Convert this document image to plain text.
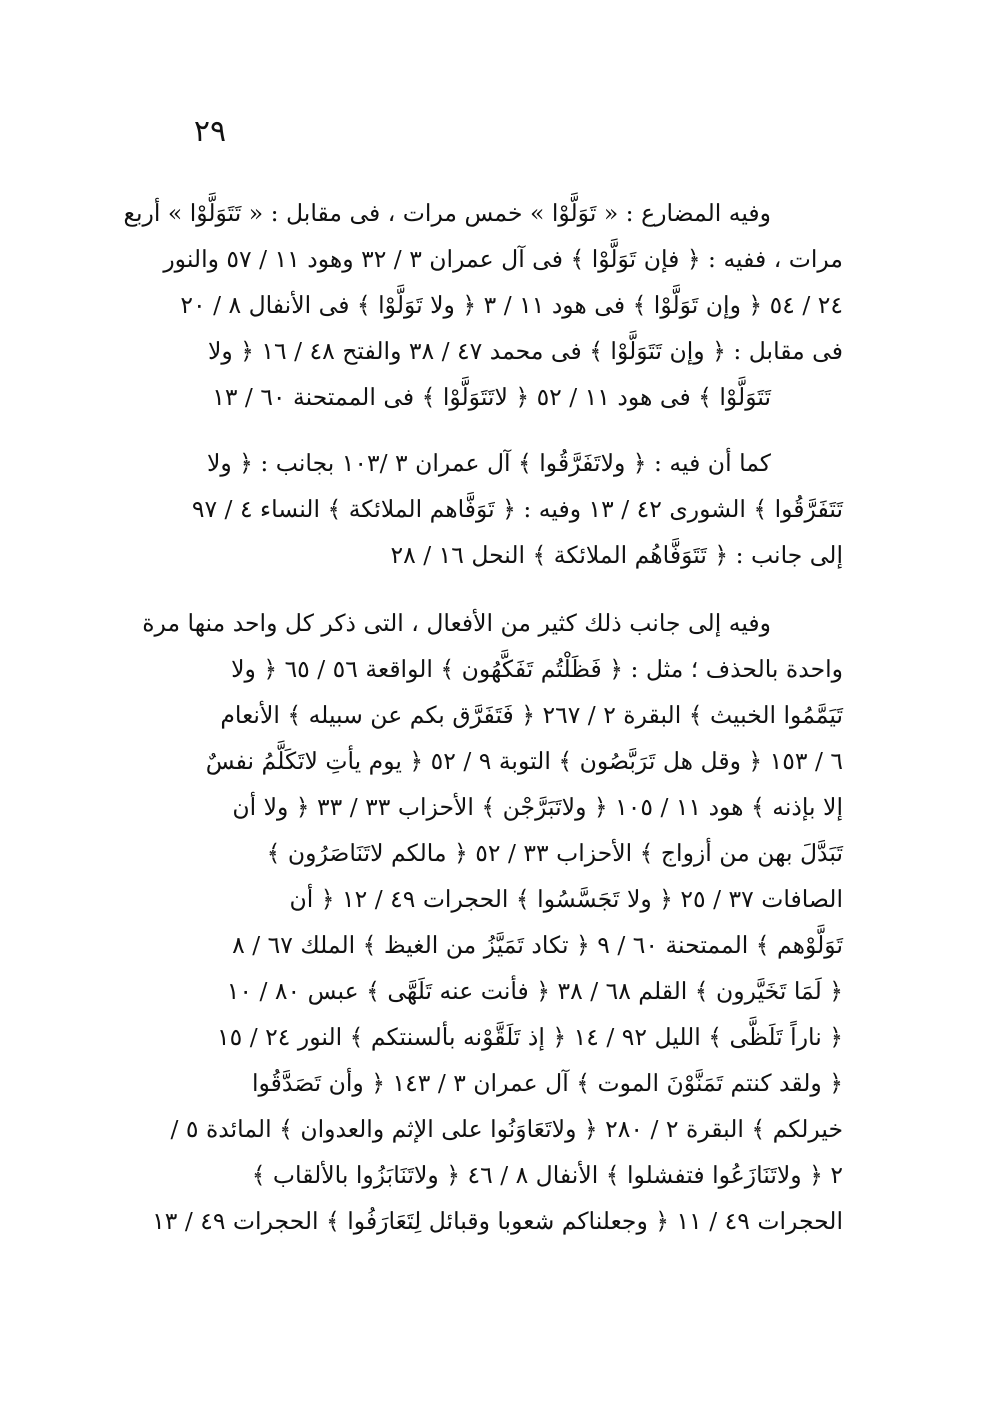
٢٩

وفيه المضارع : « تَوَلَّوْا » خمس مرات ، فى مقابل : « تَتَوَلَّوْا » أربع
مرات ، ففيه : ﴿ فإن تَوَلَّوْا ﴾ فى آل عمران ٣ / ٣٢ وهود ١١ / ٥٧ والنور
٢٤ / ٥٤ ﴿ وإن تَوَلَّوْا ﴾ فى هود ١١ / ٣ ﴿ ولا تَوَلَّوْا ﴾ فى الأنفال ٨ / ٢٠
فى مقابل : ﴿ وإن تَتَوَلَّوْا ﴾ فى محمد ٤٧ / ٣٨ والفتح ٤٨ / ١٦ ﴿ ولا
تَتَوَلَّوْا ﴾ فى هود ١١ / ٥٢ ﴿ لاتَتَوَلَّوْا ﴾ فى الممتحنة ٦٠ / ١٣

كما أن فيه : ﴿ ولاتَفَرَّقُوا ﴾ آل عمران ٣ /١٠٣ بجانب : ﴿ ولا
تَتَفَرَّقُوا ﴾ الشورى ٤٢ / ١٣ وفيه : ﴿ تَوَفَّاهم الملائكة ﴾ النساء ٤ / ٩٧
إلى جانب : ﴿ تَتَوَفَّاهُم الملائكة ﴾ النحل ١٦ / ٢٨

وفيه إلى جانب ذلك كثير من الأفعال ، التى ذكر كل واحد منها مرة
واحدة بالحذف ؛ مثل : ﴿ فَظَلْتُم تَفَكَّهُون ﴾ الواقعة ٥٦ / ٦٥ ﴿ ولا
تَيَمَّمُوا الخبيث ﴾ البقرة ٢ / ٢٦٧ ﴿ فَتَفَرَّق بكم عن سبيله ﴾ الأنعام
٦ / ١٥٣ ﴿ وقل هل تَرَبَّصُون ﴾ التوبة ٩ / ٥٢ ﴿ يوم يأتِ لاتَكَلَّمُ نفسٌ
إلا بإذنه ﴾ هود ١١ / ١٠٥ ﴿ ولاتَبَرَّجْن ﴾ الأحزاب ٣٣ / ٣٣ ﴿ ولا أن
تَبَدَّلَ بهن من أزواج ﴾ الأحزاب ٣٣ / ٥٢ ﴿ مالكم لاتَنَاصَرُون ﴾
الصافات ٣٧ / ٢٥ ﴿ ولا تَجَسَّسُوا ﴾ الحجرات ٤٩ / ١٢ ﴿ أن
تَوَلَّوْهم ﴾ الممتحنة ٦٠ / ٩ ﴿ تكاد تَمَيَّزُ من الغيظ ﴾ الملك ٦٧ / ٨
﴿ لَمَا تَخَيَّرون ﴾ القلم ٦٨ / ٣٨ ﴿ فأنت عنه تَلَهَّى ﴾ عبس ٨٠ / ١٠
﴿ ناراً تَلَظَّى ﴾ الليل ٩٢ / ١٤ ﴿ إذ تَلَقَّوْنه بألسنتكم ﴾ النور ٢٤ / ١٥
﴿ ولقد كنتم تَمَنَّوْنَ الموت ﴾ آل عمران ٣ / ١٤٣ ﴿ وأن تَصَدَّقُوا
خيرلكم ﴾ البقرة ٢ / ٢٨٠ ﴿ ولاتَعَاوَنُوا على الإثم والعدوان ﴾ المائدة ٥ /
٢ ﴿ ولاتَنَازَعُوا فتفشلوا ﴾ الأنفال ٨ / ٤٦ ﴿ ولاتَنَابَزُوا بالألقاب ﴾
الحجرات ٤٩ / ١١ ﴿ وجعلناكم شعوبا وقبائل لِتَعَارَفُوا ﴾ الحجرات ٤٩ / ١٣
